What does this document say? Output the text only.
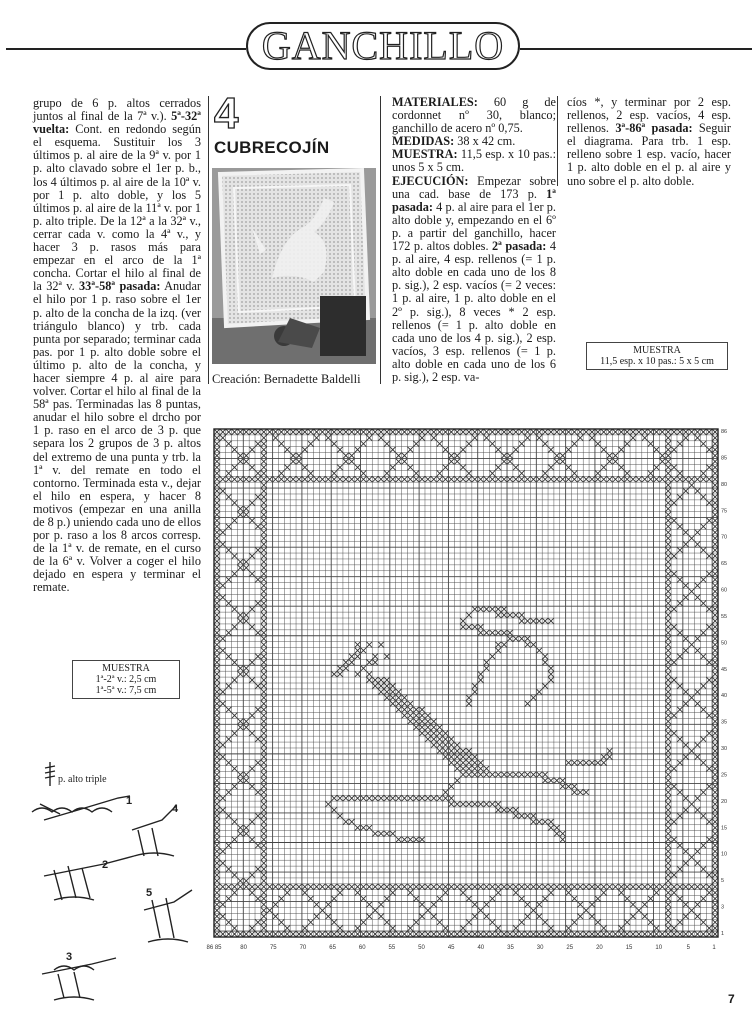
GANCHILLO

grupo de 6 p. altos cerrados juntos al final de la 7ª v.). 5ª-32ª vuelta: Cont. en redondo según el esquema. Sustituir los 3 últimos p. al aire de la 9ª v. por 1 p. alto clavado sobre el 1er p. b., los 4 últimos p. al aire de la 10ª v. por 1 p. alto doble, y los 5 últimos p. al aire de la 11ª v. por 1 p. alto triple. De la 12ª a la 32ª v., cerrar cada v. como la 4ª v., y hacer 3 p. rasos más para empezar en el arco de la 1ª concha. Cortar el hilo al final de la 32ª v. 33ª-58ª pasada: Anudar el hilo por 1 p. raso sobre el 1er p. alto de la concha de la izq. (ver triángulo blanco) y trb. cada punta por separado; terminar cada pas. por 1 p. alto doble sobre el último p. alto de la concha, y hacer siempre 4 p. al aire para volver. Cortar el hilo al final de la 58ª pas. Terminadas las 8 puntas, anudar el hilo sobre el drcho por 1 p. raso en el arco de 3 p. que separa los 2 grupos de 3 p. altos del extremo de una punta y trb. la 1ª v. del remate en todo el contorno. Terminada esta v., dejar el hilo en espera, y hacer 8 motivos (empezar en una anilla de 8 p.) uniendo cada uno de ellos por p. raso a los 8 arcos corresp. de la 1ª v. de remate, en el curso de la 6ª v. Volver a coger el hilo dejado en espera y terminar el remate.

4
CUBRECOJÍN
Creación: Bernadette Baldelli

MATERIALES: 60 g de cordonnet nº 30, blanco; ganchillo de acero nº 0,75.

MEDIDAS: 38 x 42 cm.

MUESTRA: 11,5 esp. x 10 pas.: unos 5 x 5 cm.

EJECUCIÓN: Empezar sobre una cad. base de 173 p. 1ª pasada: 4 p. al aire para el 1er p. alto doble y, empezando en el 6º p. a partir del ganchillo, hacer 172 p. altos dobles. 2ª pasada: 4 p. al aire, 4 esp. rellenos (= 1 p. alto doble en cada uno de los 8 p. sig.), 2 esp. vacíos (= 2 veces: 1 p. al aire, 1 p. alto doble en el 2º p. sig.), 8 veces * 2 esp. rellenos (= 1 p. alto doble en cada uno de los 4 p. sig.), 2 esp. vacíos, 3 esp. rellenos (= 1 p. alto doble en cada uno de los 6 p. sig.), 2 esp. va-

cíos *, y terminar por 2 esp. rellenos, 2 esp. vacíos, 4 esp. rellenos. 3ª-86ª pasada: Seguir el diagrama. Para trb. 1 esp. relleno sobre 1 esp. vacío, hacer 1 p. alto doble en el p. al aire y uno sobre el p. alto doble.

MUESTRA
11,5 esp. x 10 pas.: 5 x 5 cm
MUESTRA
1ª-2ª v.: 2,5 cm
1ª-5ª v.: 7,5 cm
86 85	80	75	70	65	60	55	50	45	40	35	30	25	20	15	10	5	1
86
85
80
75
70
65
60
55
50
45
40
35
30
25
20
15
10
5
3
1
p. alto triple
1
2
3
4
5
7
